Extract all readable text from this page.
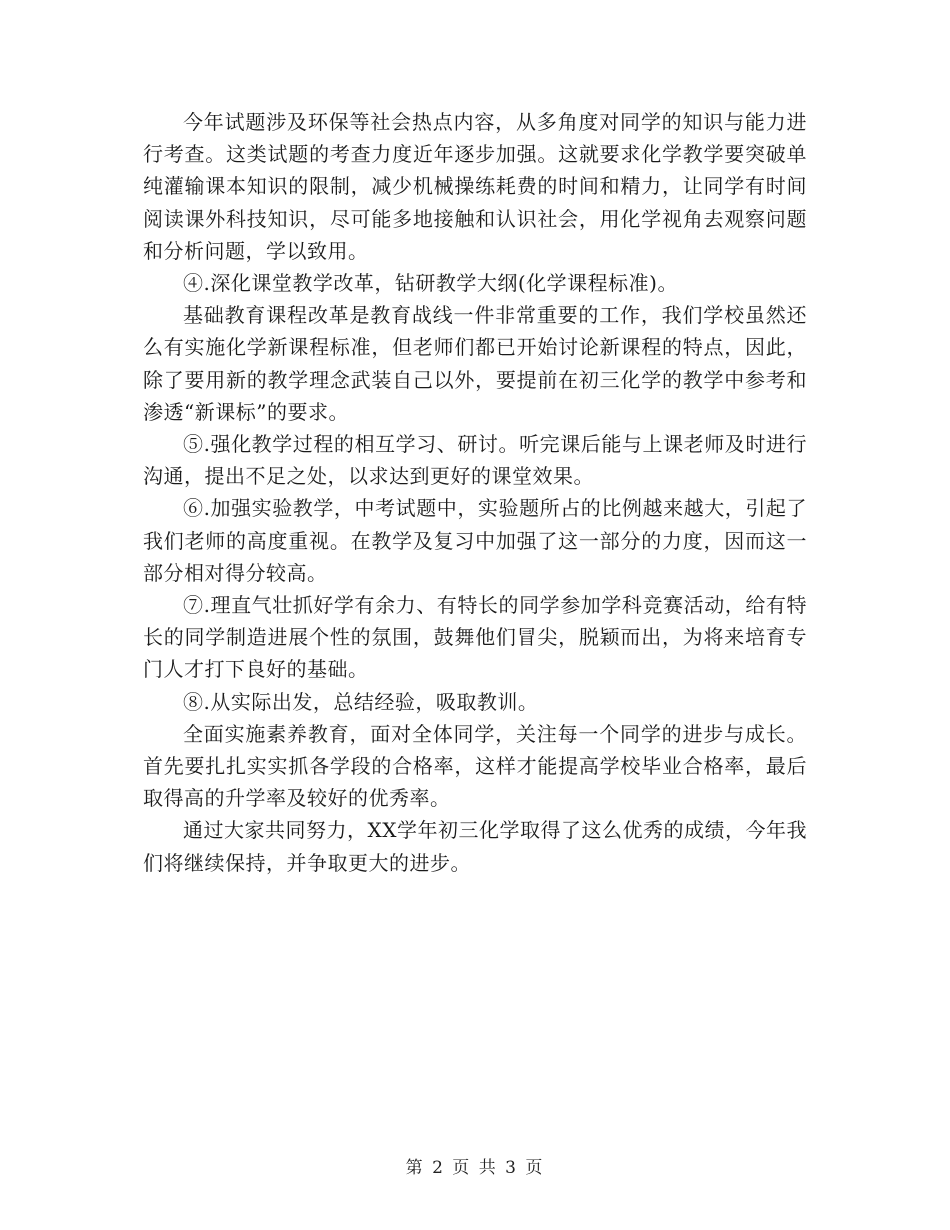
今年试题涉及环保等社会热点内容，从多角度对同学的知识与能力进行考查。这类试题的考查力度近年逐步加强。这就要求化学教学要突破单纯灌输课本知识的限制，减少机械操练耗费的时间和精力，让同学有时间阅读课外科技知识，尽可能多地接触和认识社会，用化学视角去观察问题和分析问题，学以致用。

④.深化课堂教学改革，钻研教学大纲(化学课程标准)。

基础教育课程改革是教育战线一件非常重要的工作，我们学校虽然还么有实施化学新课程标准，但老师们都已开始讨论新课程的特点，因此，除了要用新的教学理念武装自己以外，要提前在初三化学的教学中参考和渗透“新课标”的要求。

⑤.强化教学过程的相互学习、研讨。听完课后能与上课老师及时进行沟通，提出不足之处，以求达到更好的课堂效果。

⑥.加强实验教学，中考试题中，实验题所占的比例越来越大，引起了我们老师的高度重视。在教学及复习中加强了这一部分的力度，因而这一部分相对得分较高。

⑦.理直气壮抓好学有余力、有特长的同学参加学科竞赛活动，给有特长的同学制造进展个性的氛围，鼓舞他们冒尖，脱颖而出，为将来培育专门人才打下良好的基础。

⑧.从实际出发，总结经验，吸取教训。

全面实施素养教育，面对全体同学，关注每一个同学的进步与成长。首先要扎扎实实抓各学段的合格率，这样才能提高学校毕业合格率，最后取得高的升学率及较好的优秀率。

通过大家共同努力，XX学年初三化学取得了这么优秀的成绩，今年我们将继续保持，并争取更大的进步。

第 2 页 共 3 页
